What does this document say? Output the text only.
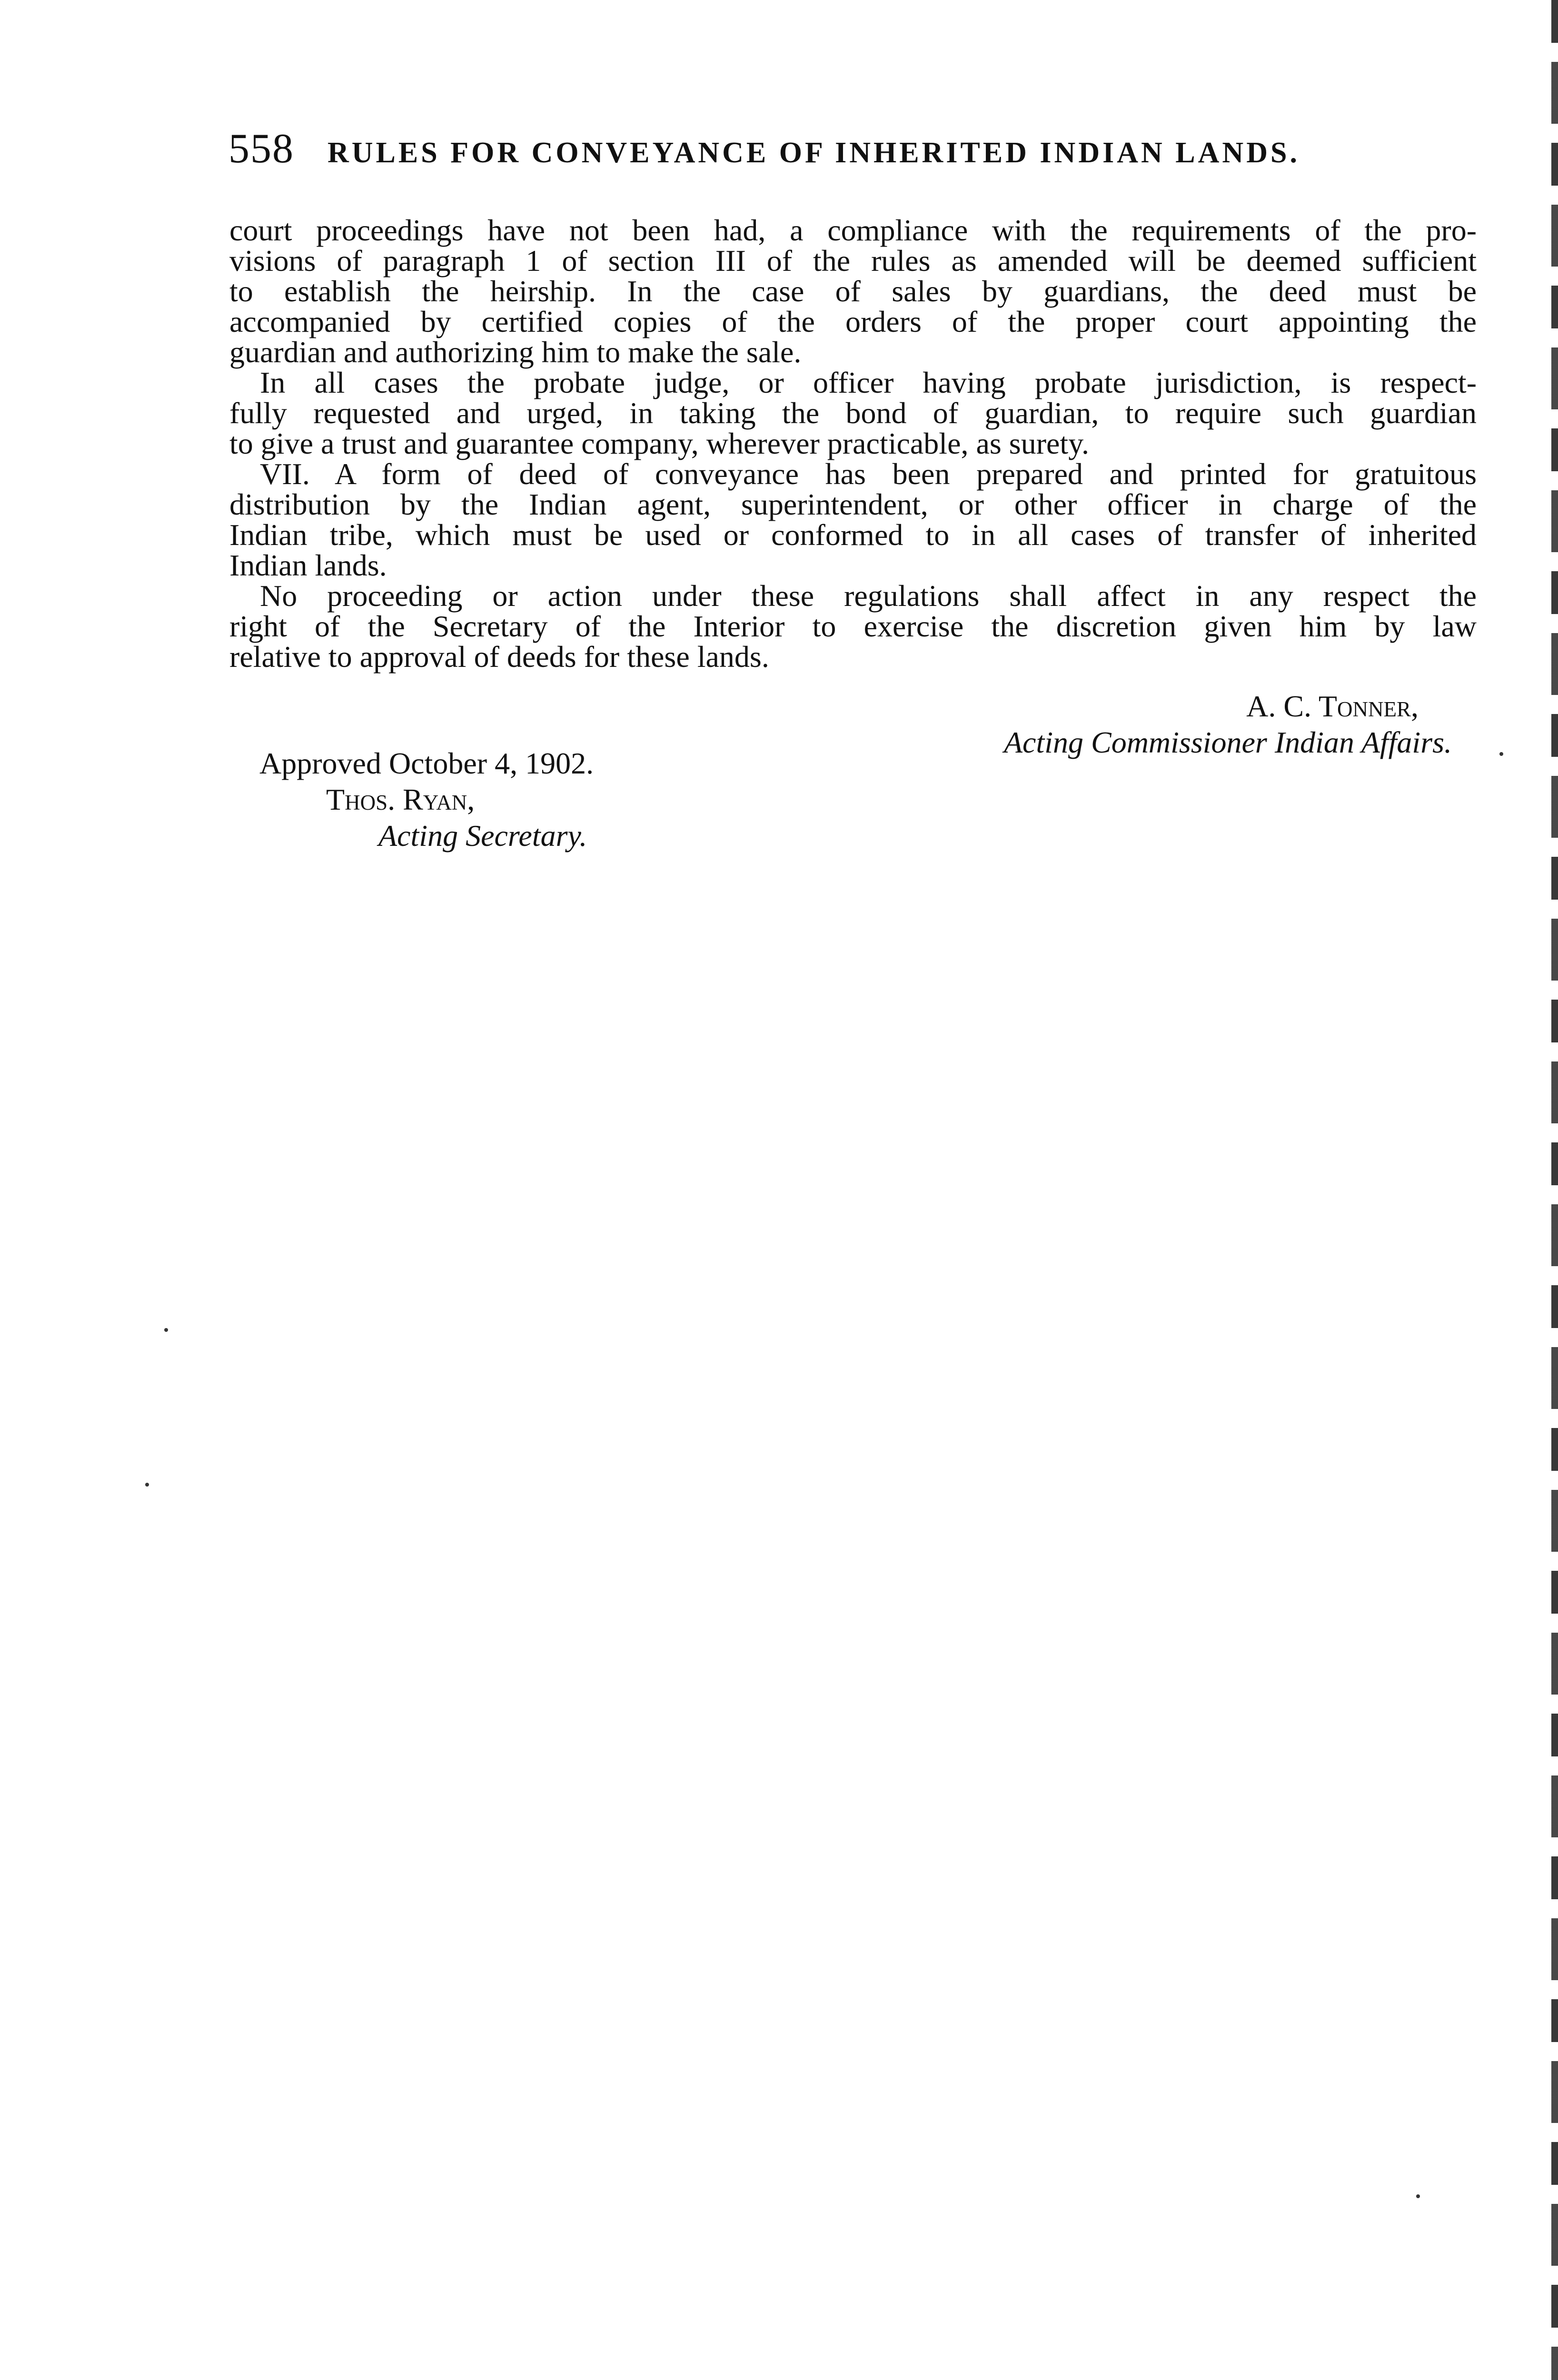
558 RULES FOR CONVEYANCE OF INHERITED INDIAN LANDS.
court proceedings have not been had, a compliance with the requirements of the pro-
visions of paragraph 1 of section III of the rules as amended will be deemed sufficient
to establish the heirship. In the case of sales by guardians, the deed must be
accompanied by certified copies of the orders of the proper court appointing the
guardian and authorizing him to make the sale.
In all cases the probate judge, or officer having probate jurisdiction, is respect-
fully requested and urged, in taking the bond of guardian, to require such guardian
to give a trust and guarantee company, wherever practicable, as surety.
VII. A form of deed of conveyance has been prepared and printed for gratuitous
distribution by the Indian agent, superintendent, or other officer in charge of the
Indian tribe, which must be used or conformed to in all cases of transfer of inherited
Indian lands.
No proceeding or action under these regulations shall affect in any respect the
right of the Secretary of the Interior to exercise the discretion given him by law
relative to approval of deeds for these lands.
A. C. Tonner,
Acting Commissioner Indian Affairs.
Approved October 4, 1902.
Thos. Ryan,
Acting Secretary.
